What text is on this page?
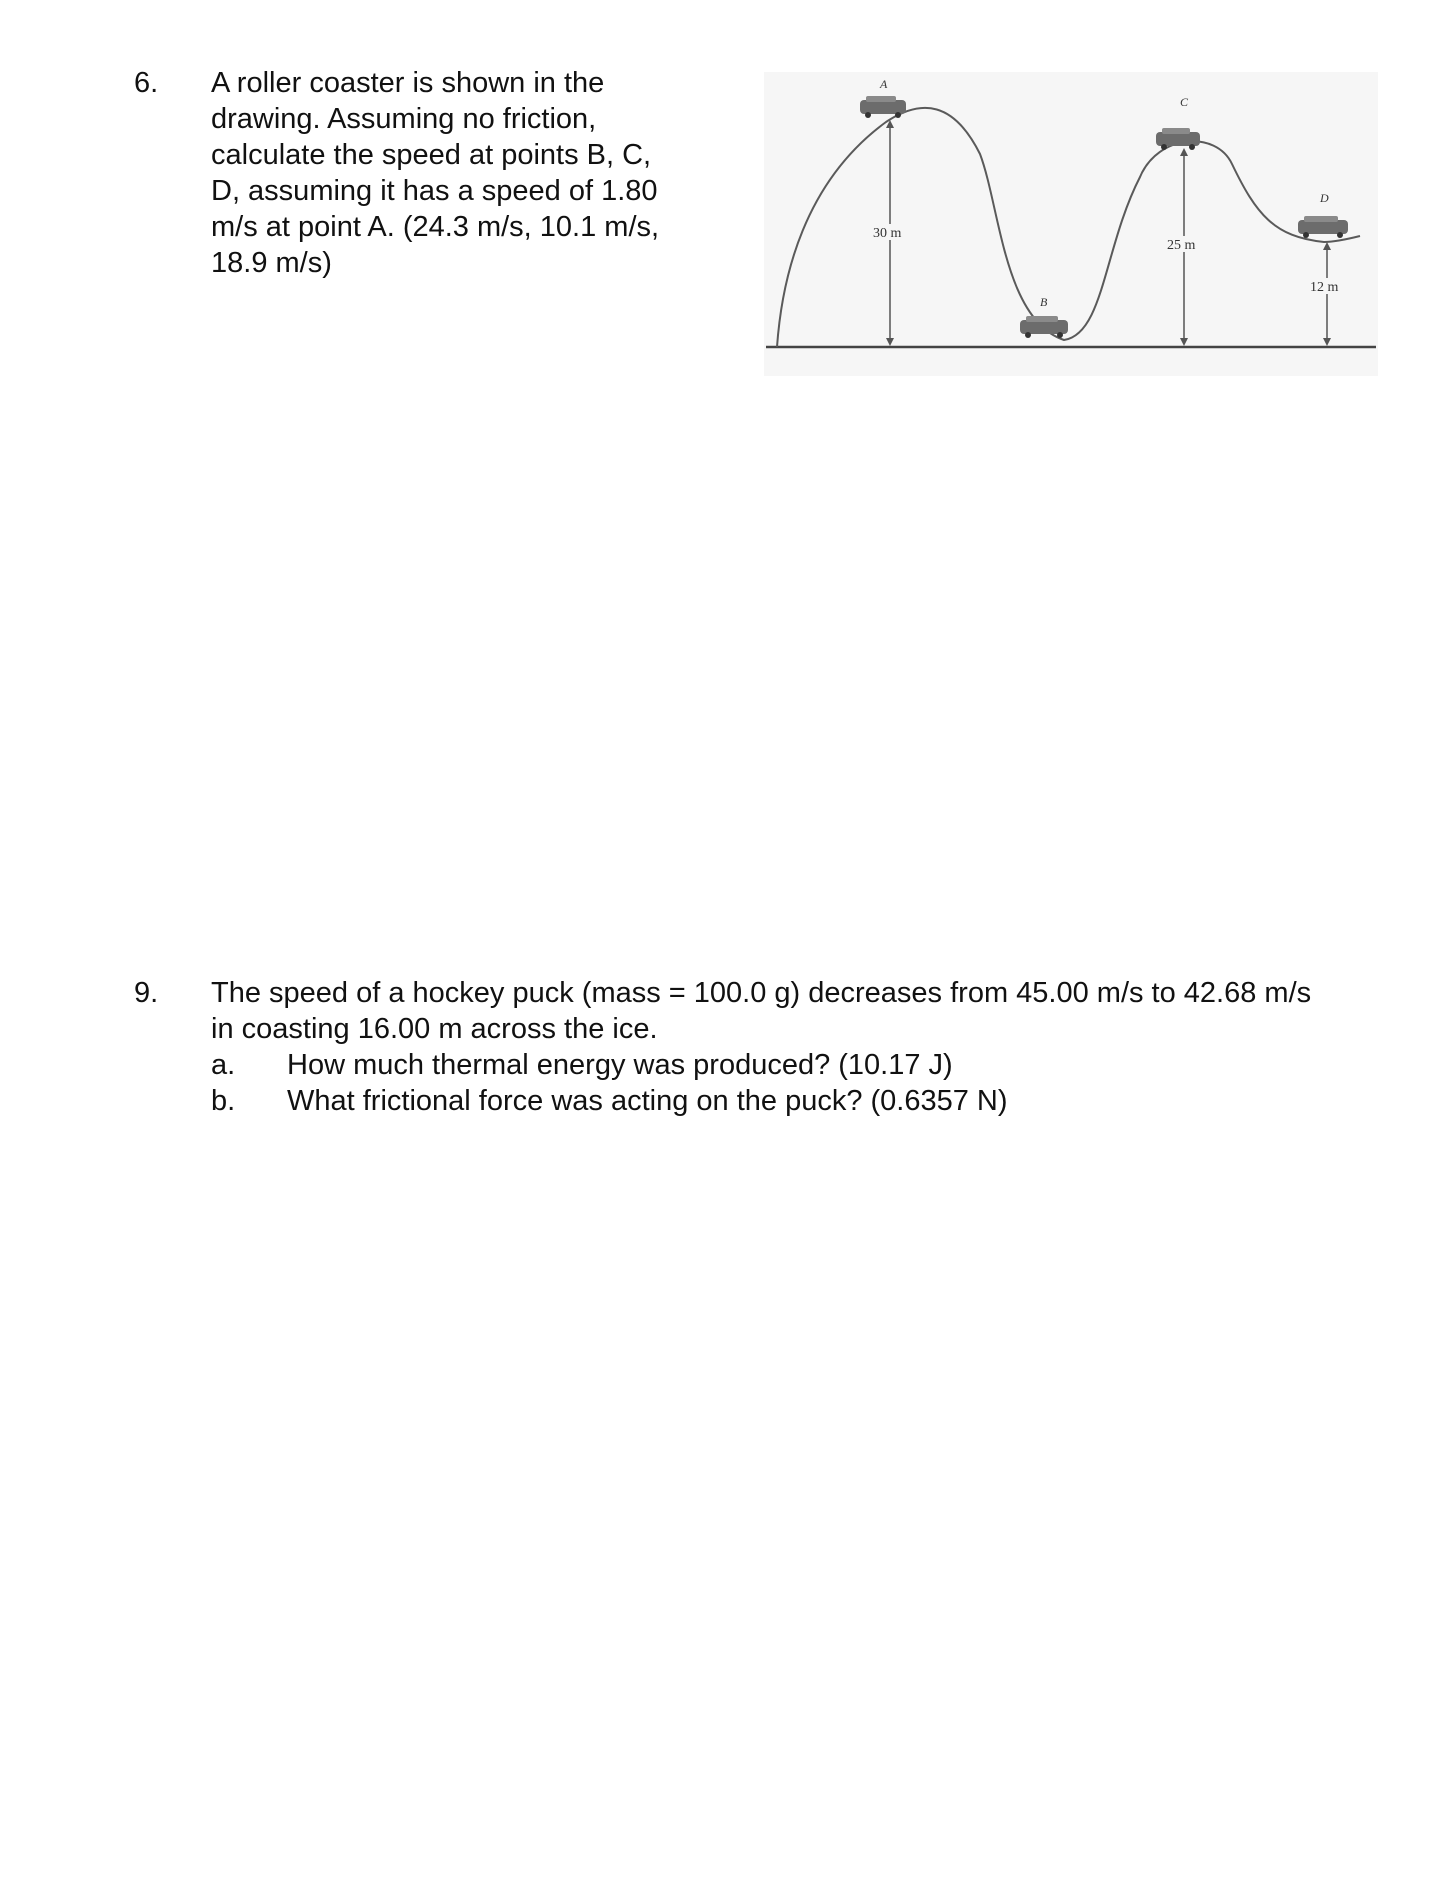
6. A roller coaster is shown in the
drawing. Assuming no friction,
calculate the speed at points B, C,
D, assuming it has a speed of 1.80
m/s at point A. (24.3 m/s, 10.1 m/s,
18.9 m/s)
A
B
C
D
30 m
25 m
12 m
9. The speed of a hockey puck (mass = 100.0 g) decreases from 45.00 m/s to 42.68 m/s
in coasting 16.00 m across the ice.
a. How much thermal energy was produced? (10.17 J)
b. What frictional force was acting on the puck? (0.6357 N)
